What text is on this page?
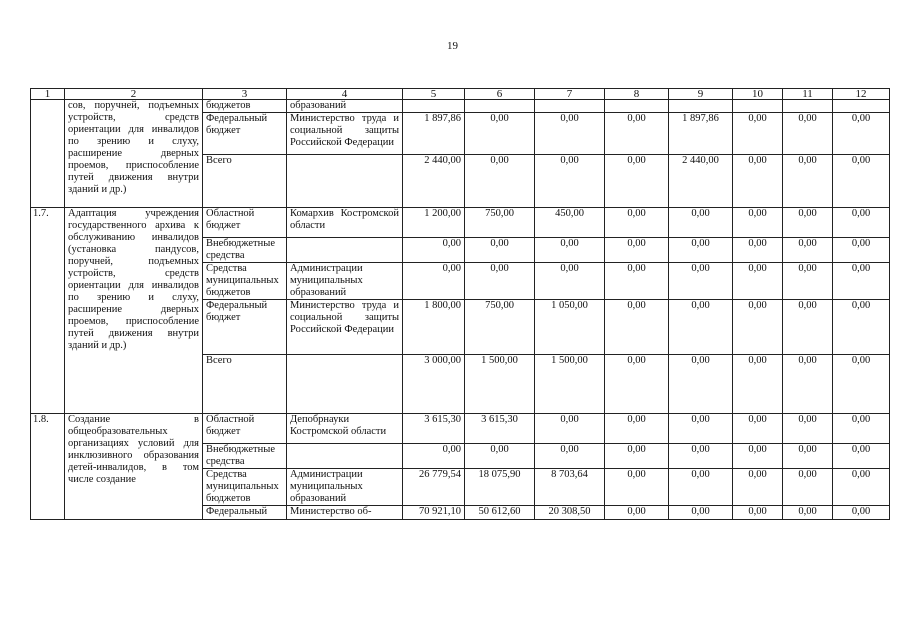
19
1	2	3	4	5	6	7	8	9	10	11	12
	сов, поручней, подъемных устройств, средств ориентации для инвалидов по зрению и слуху, расширение дверных проемов, приспособление путей движения внутри зданий и др.)	бюджетов	образований								
		Федеральный бюджет	Министерство труда и социальной защиты Российской Федерации	1 897,86	0,00	0,00	0,00	1 897,86	0,00	0,00	0,00
		Всего		2 440,00	0,00	0,00	0,00	2 440,00	0,00	0,00	0,00
1.7.	Адаптация учреждения государственного архива к обслуживанию инвалидов (установка пандусов, поручней, подъемных устройств, средств ориентации для инвалидов по зрению и слуху, расширение дверных проемов, приспособление путей движения внутри зданий и др.)	Областной бюджет	Комархив Костромской области	1 200,00	750,00	450,00	0,00	0,00	0,00	0,00	0,00
		Внебюджетные средства		0,00	0,00	0,00	0,00	0,00	0,00	0,00	0,00
		Средства муниципальных бюджетов	Администрации муниципальных образований	0,00	0,00	0,00	0,00	0,00	0,00	0,00	0,00
		Федеральный бюджет	Министерство труда и социальной защиты Российской Федерации	1 800,00	750,00	1 050,00	0,00	0,00	0,00	0,00	0,00
		Всего		3 000,00	1 500,00	1 500,00	0,00	0,00	0,00	0,00	0,00
1.8.	Создание в общеобразовательных организациях условий для инклюзивного образования детей-инвалидов, в том числе создание	Областной бюджет	Депобрнауки Костромской области	3 615,30	3 615,30	0,00	0,00	0,00	0,00	0,00	0,00
		Внебюджетные средства		0,00	0,00	0,00	0,00	0,00	0,00	0,00	0,00
		Средства муниципальных бюджетов	Администрации муниципальных образований	26 779,54	18 075,90	8 703,64	0,00	0,00	0,00	0,00	0,00
		Федеральный	Министерство об-	70 921,10	50 612,60	20 308,50	0,00	0,00	0,00	0,00	0,00
